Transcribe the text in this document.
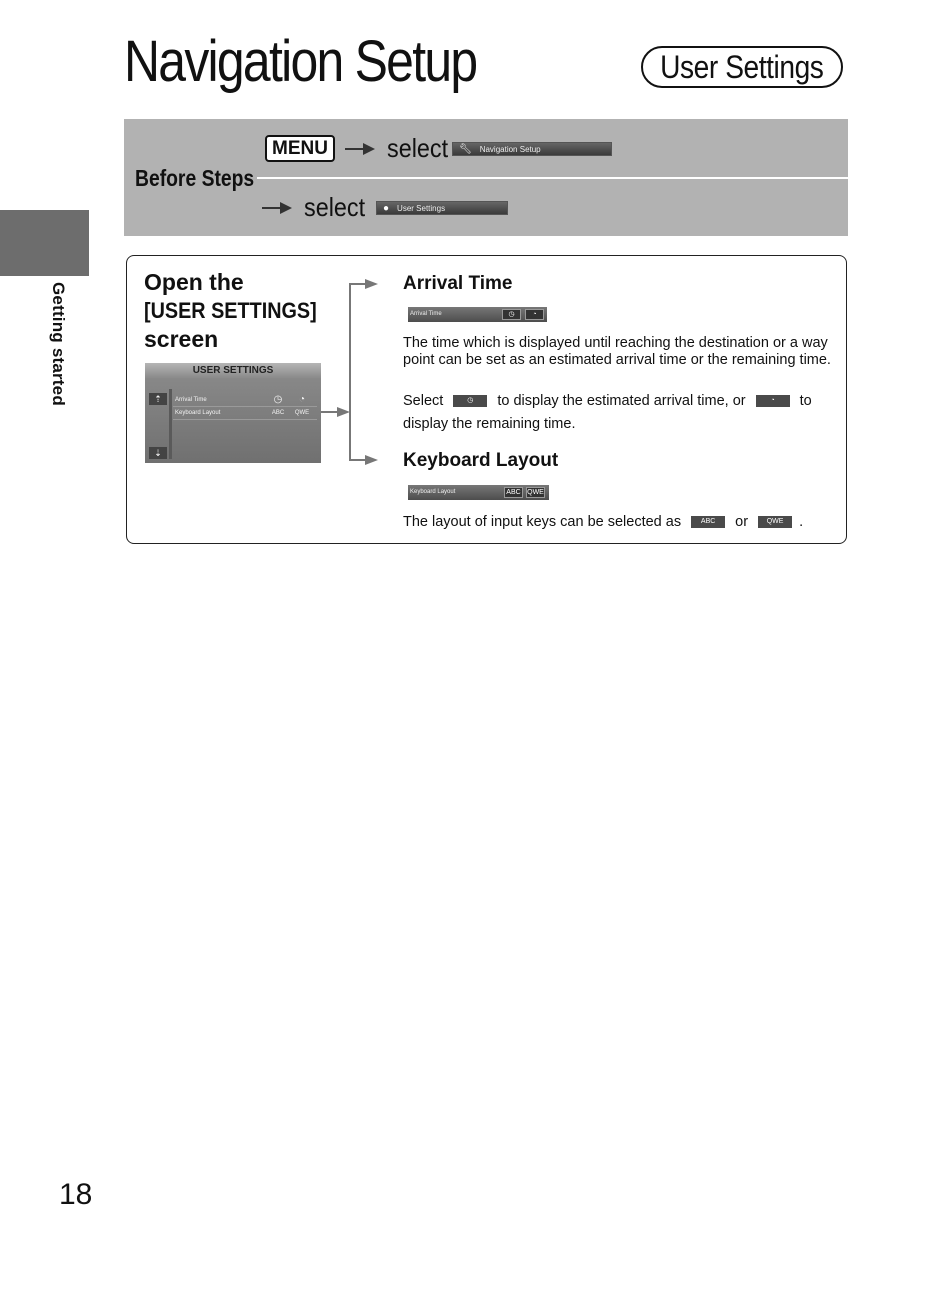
Navigation Setup	User Settings
Getting started
Before Steps
MENU select 🔧︎ Navigation Setup
select ● User Settings
Open the
[USER SETTINGS]
screen
USER SETTINGS
⇡
⇣
Arrival Time	◷	◔
Keyboard Layout	ABC	QWE
Arrival Time
Arrival Time	◷	◔
The time which is displayed until reaching the destination or a way point can be set as an estimated arrival time or the remaining time.
Select	◷ to display the estimated arrival time, or	◔ to
display the remaining time.
Keyboard Layout
Keyboard Layout	ABC QWE
The layout of input keys can be selected as	ABC or	QWE .
18
